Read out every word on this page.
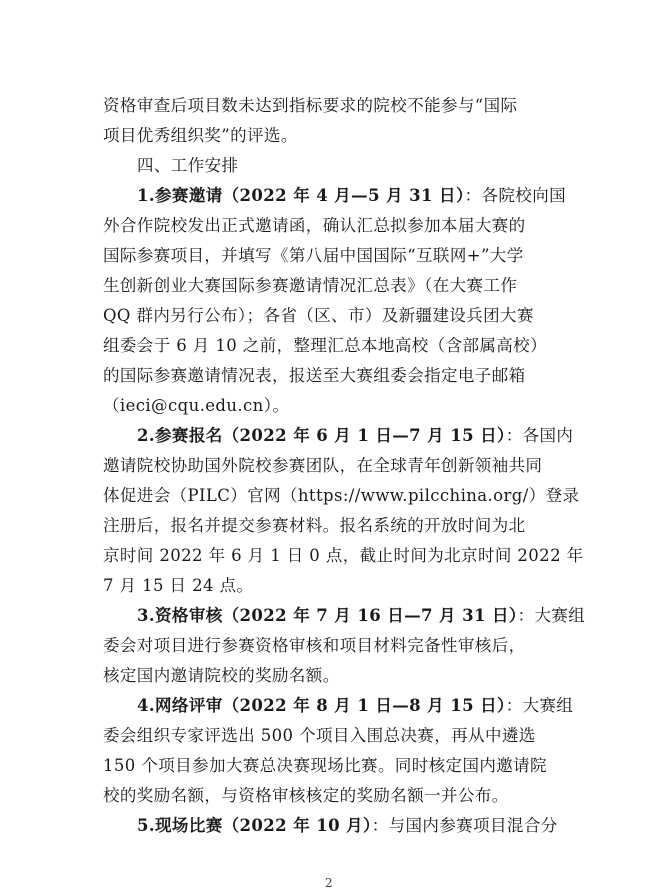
资格审查后项目数未达到指标要求的院校不能参与“国际
项目优秀组织奖”的评选。
四、工作安排
1.参赛邀请（2022 年 4 月—5 月 31 日）：各院校向国
外合作院校发出正式邀请函，确认汇总拟参加本届大赛的
国际参赛项目，并填写《第八届中国国际“互联网+”大学
生创新创业大赛国际参赛邀请情况汇总表》（在大赛工作
QQ 群内另行公布）；各省（区、市）及新疆建设兵团大赛
组委会于 6 月 10 之前，整理汇总本地高校（含部属高校）
的国际参赛邀请情况表，报送至大赛组委会指定电子邮箱
（ieci@cqu.edu.cn）。
2.参赛报名（2022 年 6 月 1 日—7 月 15 日）：各国内
邀请院校协助国外院校参赛团队，在全球青年创新领袖共同
体促进会（PILC）官网（https://www.pilcchina.org/）登录
注册后，报名并提交参赛材料。报名系统的开放时间为北
京时间 2022 年 6 月 1 日 0 点，截止时间为北京时间 2022 年
7 月 15 日 24 点。
3.资格审核（2022 年 7 月 16 日—7 月 31 日）：大赛组
委会对项目进行参赛资格审核和项目材料完备性审核后，
核定国内邀请院校的奖励名额。
4.网络评审（2022 年 8 月 1 日—8 月 15 日）：大赛组
委会组织专家评选出 500 个项目入围总决赛，再从中遴选
150 个项目参加大赛总决赛现场比赛。同时核定国内邀请院
校的奖励名额，与资格审核核定的奖励名额一并公布。
5.现场比赛（2022 年 10 月）：与国内参赛项目混合分
2
